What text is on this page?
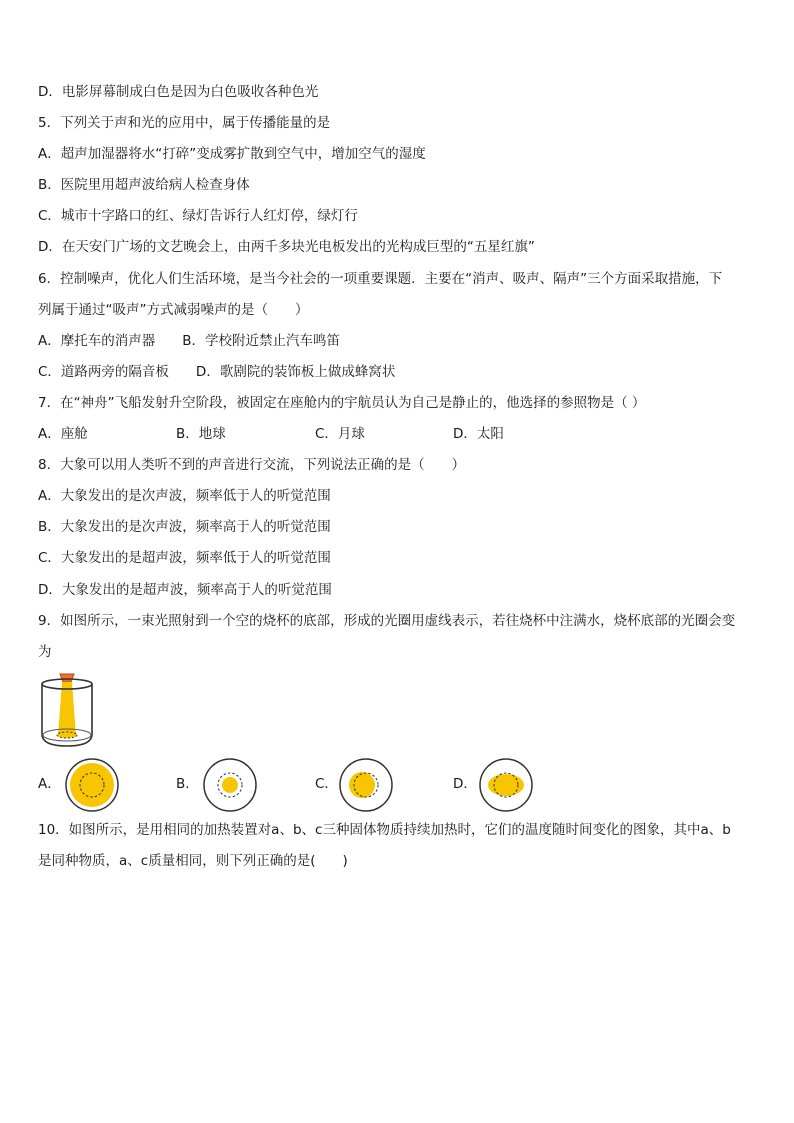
D．电影屏幕制成白色是因为白色吸收各种色光
5．下列关于声和光的应用中，属于传播能量的是
A．超声加湿器将水“打碎”变成雾扩散到空气中，增加空气的湿度
B．医院里用超声波给病人检查身体
C．城市十字路口的红、绿灯告诉行人红灯停，绿灯行
D．在天安门广场的文艺晚会上，由两千多块光电板发出的光构成巨型的“五星红旗”
6．控制噪声，优化人们生活环境，是当今社会的一项重要课题．主要在“消声、吸声、隔声”三个方面采取措施，下
列属于通过“吸声”方式减弱噪声的是（　　）
A．摩托车的消声器　　B．学校附近禁止汽车鸣笛
C．道路两旁的隔音板　　D．歌剧院的装饰板上做成蜂窝状
7．在“神舟”飞船发射升空阶段，被固定在座舱内的宇航员认为自己是静止的，他选择的参照物是（ ）
A．座舱	B．地球	C．月球	D．太阳
8．大象可以用人类听不到的声音进行交流，下列说法正确的是（　　）
A．大象发出的是次声波，频率低于人的听觉范围
B．大象发出的是次声波，频率高于人的听觉范围
C．大象发出的是超声波，频率低于人的听觉范围
D．大象发出的是超声波，频率高于人的听觉范围
9．如图所示，一束光照射到一个空的烧杯的底部，形成的光圈用虚线表示，若往烧杯中注满水，烧杯底部的光圈会变
为
A．	B．	C．	D．
10．如图所示，是用相同的加热装置对a、b、c三种固体物质持续加热时，它们的温度随时间变化的图象，其中a、b
是同种物质，a、c质量相同，则下列正确的是(　　)
